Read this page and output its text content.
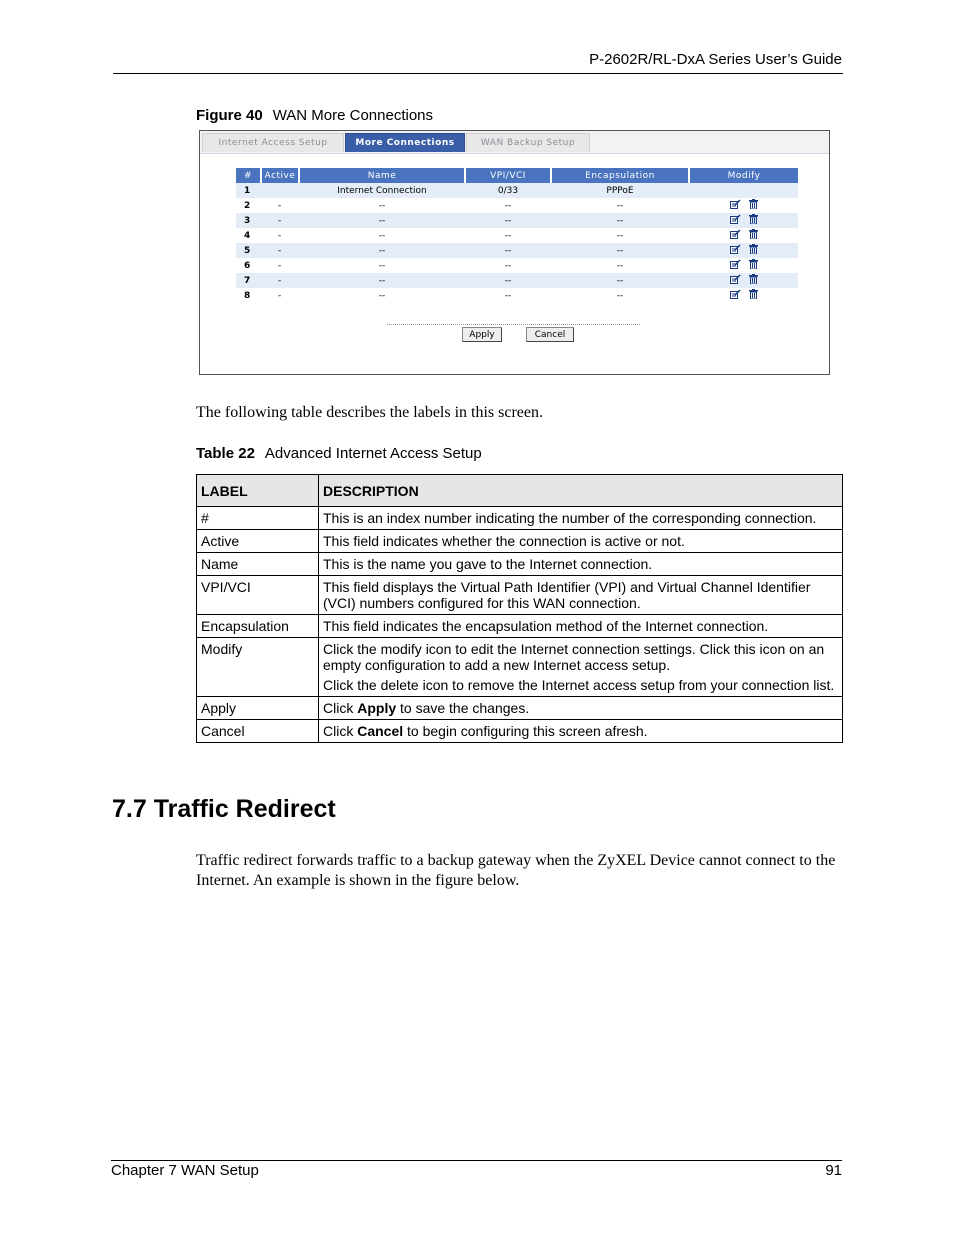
P-2602R/RL-DxA Series User’s Guide
Figure 40 WAN More Connections
Internet Access Setup	More Connections	WAN Backup Setup
#	Active	Name	VPI/VCI	Encapsulation	Modify
1		Internet Connection	0/33	PPPoE	
2	-	--	--	--	
3	-	--	--	--	
4	-	--	--	--	
5	-	--	--	--	
6	-	--	--	--	
7	-	--	--	--	
8	-	--	--	--	
Apply	Cancel
The following table describes the labels in this screen.
Table 22 Advanced Internet Access Setup
LABEL	DESCRIPTION
#	This is an index number indicating the number of the corresponding connection.

Active	This field indicates whether the connection is active or not.

Name	This is the name you gave to the Internet connection.

VPI/VCI	This field displays the Virtual Path Identifier (VPI) and Virtual Channel Identifier (VCI) numbers configured for this WAN connection.

Encapsulation	This field indicates the encapsulation method of the Internet connection.

Modify	Click the modify icon to edit the Internet connection settings. Click this icon on an empty configuration to add a new Internet access setup.

Click the delete icon to remove the Internet access setup from your connection list.

Apply	Click Apply to save the changes.

Cancel	Click Cancel to begin configuring this screen afresh.

7.7 Traffic Redirect
Traffic redirect forwards traffic to a backup gateway when the ZyXEL Device cannot connect to the Internet. An example is shown in the figure below.
Chapter 7 WAN Setup	91
